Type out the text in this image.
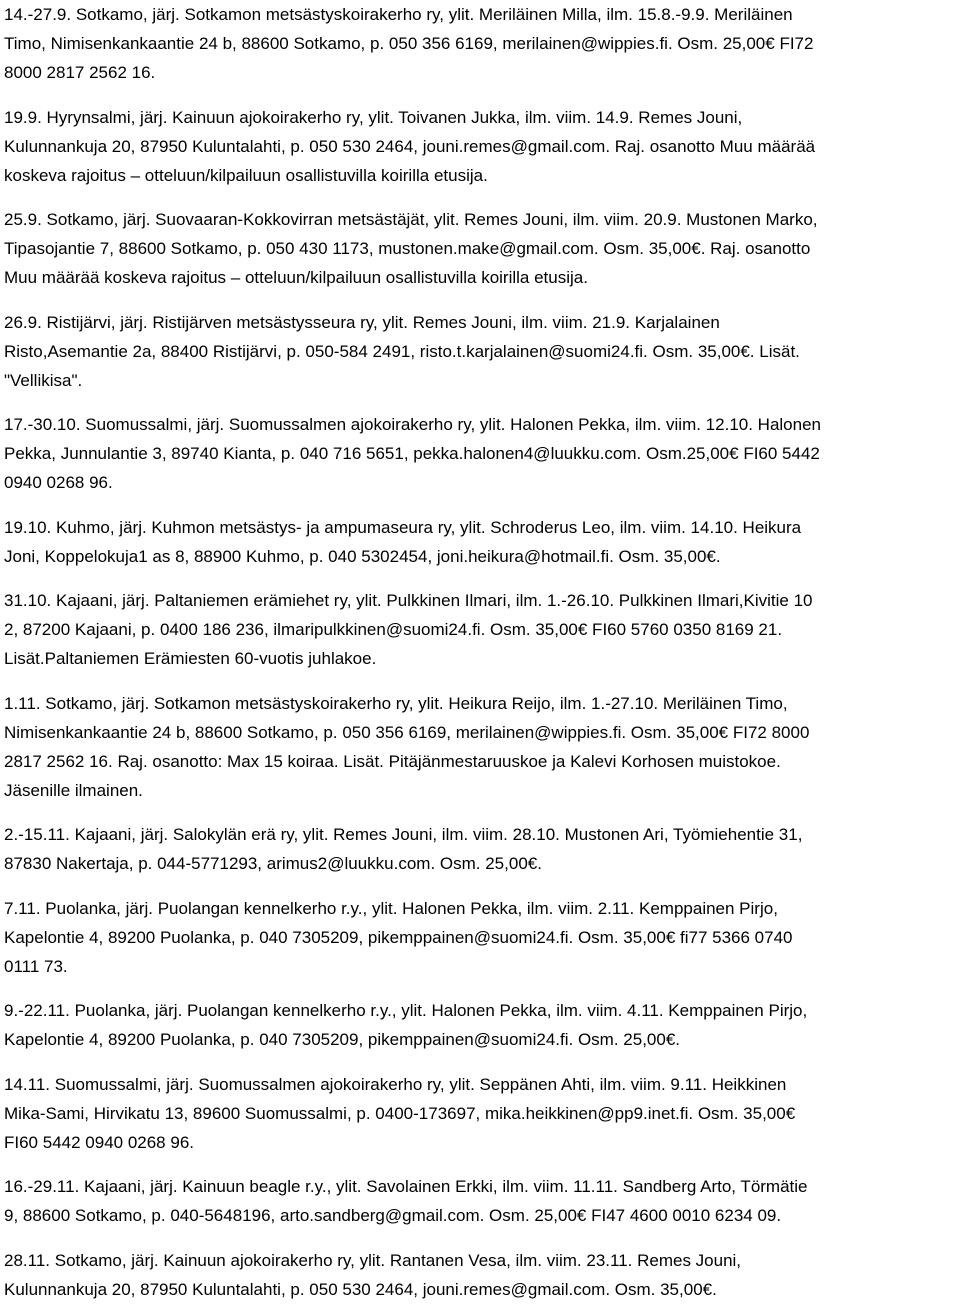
14.-27.9. Sotkamo, järj. Sotkamon metsästyskoirakerho ry, ylit. Meriläinen Milla, ilm. 15.8.-9.9. Meriläinen
Timo, Nimisenkankaantie 24 b, 88600 Sotkamo, p. 050 356 6169, merilainen@wippies.fi. Osm. 25,00€ FI72
8000 2817 2562 16.
19.9. Hyrynsalmi, järj. Kainuun ajokoirakerho ry, ylit. Toivanen Jukka, ilm. viim. 14.9. Remes Jouni,
Kulunnankuja 20, 87950 Kuluntalahti, p. 050 530 2464, jouni.remes@gmail.com. Raj. osanotto Muu määrää
koskeva rajoitus – otteluun/kilpailuun osallistuvilla koirilla etusija.
25.9. Sotkamo, järj. Suovaaran-Kokkovirran metsästäjät, ylit. Remes Jouni, ilm. viim. 20.9. Mustonen Marko,
Tipasojantie 7, 88600 Sotkamo, p. 050 430 1173, mustonen.make@gmail.com. Osm. 35,00€. Raj. osanotto
Muu määrää koskeva rajoitus – otteluun/kilpailuun osallistuvilla koirilla etusija.
26.9. Ristijärvi, järj. Ristijärven metsästysseura ry, ylit. Remes Jouni, ilm. viim. 21.9. Karjalainen
Risto,Asemantie 2a, 88400 Ristijärvi, p. 050-584 2491, risto.t.karjalainen@suomi24.fi. Osm. 35,00€. Lisät.
"Vellikisa".
17.-30.10. Suomussalmi, järj. Suomussalmen ajokoirakerho ry, ylit. Halonen Pekka, ilm. viim. 12.10. Halonen
Pekka, Junnulantie 3, 89740 Kianta, p. 040 716 5651, pekka.halonen4@luukku.com. Osm.25,00€ FI60 5442
0940 0268 96.
19.10. Kuhmo, järj. Kuhmon metsästys- ja ampumaseura ry, ylit. Schroderus Leo, ilm. viim. 14.10. Heikura
Joni, Koppelokuja1 as 8, 88900 Kuhmo, p. 040 5302454, joni.heikura@hotmail.fi. Osm. 35,00€.
31.10. Kajaani, järj. Paltaniemen erämiehet ry, ylit. Pulkkinen Ilmari, ilm. 1.-26.10. Pulkkinen Ilmari,Kivitie 10
2, 87200 Kajaani, p. 0400 186 236, ilmaripulkkinen@suomi24.fi. Osm. 35,00€ FI60 5760 0350 8169 21.
Lisät.Paltaniemen Erämiesten 60-vuotis juhlakoe.
1.11. Sotkamo, järj. Sotkamon metsästyskoirakerho ry, ylit. Heikura Reijo, ilm. 1.-27.10. Meriläinen Timo,
Nimisenkankaantie 24 b, 88600 Sotkamo, p. 050 356 6169, merilainen@wippies.fi. Osm. 35,00€ FI72 8000
2817 2562 16. Raj. osanotto: Max 15 koiraa. Lisät. Pitäjänmestaruuskoe ja Kalevi Korhosen muistokoe.
Jäsenille ilmainen.
2.-15.11. Kajaani, järj. Salokylän erä ry, ylit. Remes Jouni, ilm. viim. 28.10. Mustonen Ari, Työmiehentie 31,
87830 Nakertaja, p. 044-5771293, arimus2@luukku.com. Osm. 25,00€.
7.11. Puolanka, järj. Puolangan kennelkerho r.y., ylit. Halonen Pekka, ilm. viim. 2.11. Kemppainen Pirjo,
Kapelontie 4, 89200 Puolanka, p. 040 7305209, pikemppainen@suomi24.fi. Osm. 35,00€ fi77 5366 0740
0111 73.
9.-22.11. Puolanka, järj. Puolangan kennelkerho r.y., ylit. Halonen Pekka, ilm. viim. 4.11. Kemppainen Pirjo,
Kapelontie 4, 89200 Puolanka, p. 040 7305209, pikemppainen@suomi24.fi. Osm. 25,00€.
14.11. Suomussalmi, järj. Suomussalmen ajokoirakerho ry, ylit. Seppänen Ahti, ilm. viim. 9.11. Heikkinen
Mika-Sami, Hirvikatu 13, 89600 Suomussalmi, p. 0400-173697, mika.heikkinen@pp9.inet.fi. Osm. 35,00€
FI60 5442 0940 0268 96.
16.-29.11. Kajaani, järj. Kainuun beagle r.y., ylit. Savolainen Erkki, ilm. viim. 11.11. Sandberg Arto, Törmätie
9, 88600 Sotkamo, p. 040-5648196, arto.sandberg@gmail.com. Osm. 25,00€ FI47 4600 0010 6234 09.
28.11. Sotkamo, järj. Kainuun ajokoirakerho ry, ylit. Rantanen Vesa, ilm. viim. 23.11. Remes Jouni,
Kulunnankuja 20, 87950 Kuluntalahti, p. 050 530 2464, jouni.remes@gmail.com. Osm. 35,00€.
